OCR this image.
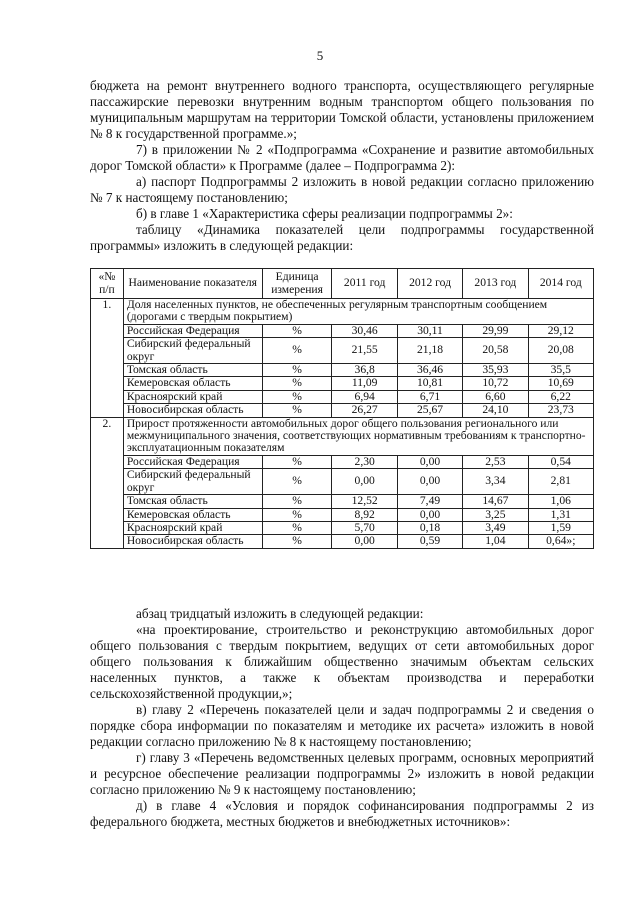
5

бюджета на ремонт внутреннего водного транспорта, осуществляющего регулярные пассажирские перевозки внутренним водным транспортом общего пользования по муниципальным маршрутам на территории Томской области, установлены приложением № 8 к государственной программе.»;

7) в приложении № 2 «Подпрограмма «Сохранение и развитие автомобильных дорог Томской области» к Программе (далее – Подпрограмма 2):

а) паспорт Подпрограммы 2 изложить в новой редакции согласно приложению № 7 к настоящему постановлению;

б) в главе 1 «Характеристика сферы реализации подпрограммы 2»:

таблицу «Динамика показателей цели подпрограммы государственной программы» изложить в следующей редакции:

«№ п/п	Наименование показателя	Единица измерения	2011 год	2012 год	2013 год	2014 год
1.	Доля населенных пунктов, не обеспеченных регулярным транспортным сообщением (дорогами с твердым покрытием)					
	Российская Федерация	%	30,46	30,11	29,99	29,12
	Сибирский федеральный округ	%	21,55	21,18	20,58	20,08
	Томская область	%	36,8	36,46	35,93	35,5
	Кемеровская область	%	11,09	10,81	10,72	10,69
	Красноярский край	%	6,94	6,71	6,60	6,22
	Новосибирская область	%	26,27	25,67	24,10	23,73
2.	Прирост протяженности автомобильных дорог общего пользования регионального или межмуниципального значения, соответствующих нормативным требованиям к транспортно-эксплуатационным показателям					
	Российская Федерация	%	2,30	0,00	2,53	0,54
	Сибирский федеральный округ	%	0,00	0,00	3,34	2,81
	Томская область	%	12,52	7,49	14,67	1,06
	Кемеровская область	%	8,92	0,00	3,25	1,31
	Красноярский край	%	5,70	0,18	3,49	1,59
	Новосибирская область	%	0,00	0,59	1,04	0,64»;

абзац тридцатый изложить в следующей редакции:

«на проектирование, строительство и реконструкцию автомобильных дорог общего пользования с твердым покрытием, ведущих от сети автомобильных дорог общего пользования к ближайшим общественно значимым объектам сельских населенных пунктов, а также к объектам производства и переработки сельскохозяйственной продукции,»;

в) главу 2 «Перечень показателей цели и задач подпрограммы 2 и сведения о порядке сбора информации по показателям и методике их расчета» изложить в новой редакции согласно приложению № 8 к настоящему постановлению;

г) главу 3 «Перечень ведомственных целевых программ, основных мероприятий и ресурсное обеспечение реализации подпрограммы 2» изложить в новой редакции согласно приложению № 9 к настоящему постановлению;

д) в главе 4 «Условия и порядок софинансирования подпрограммы 2 из федерального бюджета, местных бюджетов и внебюджетных источников»:
